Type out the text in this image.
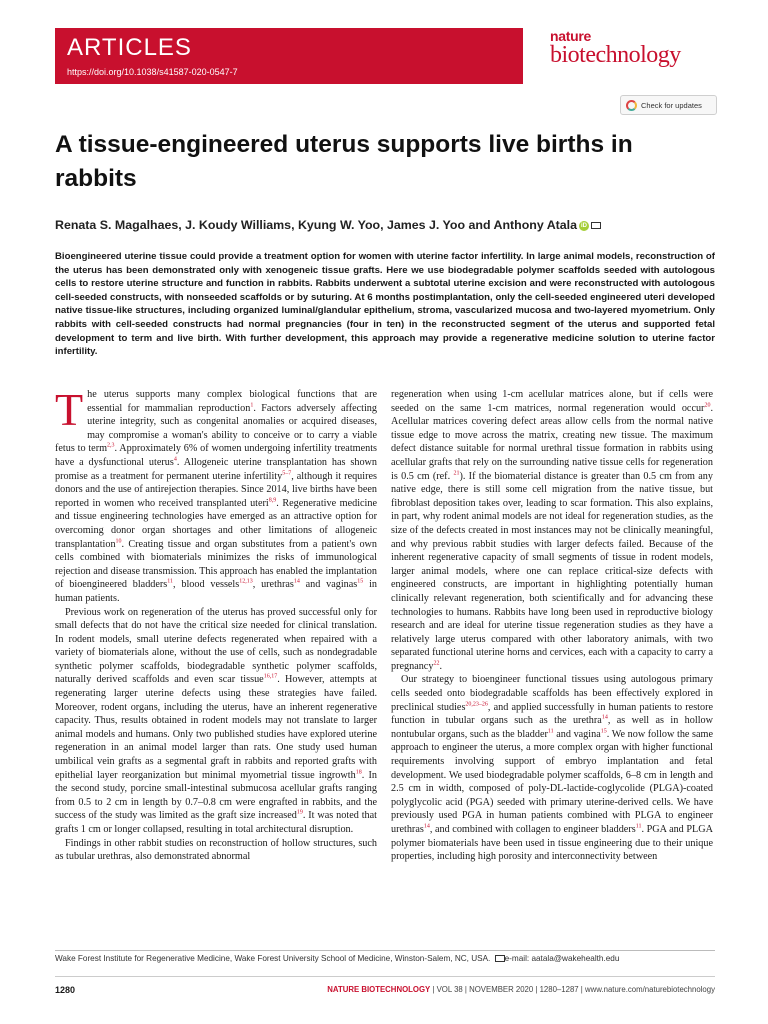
ARTICLES
https://doi.org/10.1038/s41587-020-0547-7
nature
biotechnology
Check for updates
A tissue-engineered uterus supports live births in rabbits
Renata S. Magalhaes, J. Koudy Williams, Kyung W. Yoo, James J. Yoo and Anthony Atala iD

Bioengineered uterine tissue could provide a treatment option for women with uterine factor infertility. In large animal models, reconstruction of the uterus has been demonstrated only with xenogeneic tissue grafts. Here we use biodegradable polymer scaffolds seeded with autologous cells to restore uterine structure and function in rabbits. Rabbits underwent a subtotal uterine excision and were reconstructed with autologous cell-seeded constructs, with nonseeded scaffolds or by suturing. At 6 months postimplantation, only the cell-seeded engineered uteri developed native tissue-like structures, including organized luminal/glandular epithelium, stroma, vascularized mucosa and two-layered myometrium. Only rabbits with cell-seeded constructs had normal pregnancies (four in ten) in the reconstructed segment of the uterus and supported fetal development to term and live birth. With further development, this approach may provide a regenerative medicine solution to uterine factor infertility.

The uterus supports many complex biological functions that are essential for mammalian reproduction$^1$. Factors adversely affecting uterine integrity, such as congenital anomalies or acquired diseases, may compromise a woman's ability to conceive or to carry a viable fetus to term$^{2,3}$. Approximately 6% of women undergoing infertility treatments have a dysfunctional uterus$^4$. Allogeneic uterine transplantation has shown promise as a treatment for permanent uterine infertility$^{5-7}$, although it requires donors and the use of antirejection therapies. Since 2014, live births have been reported in women who received transplanted uteri$^{8,9}$. Regenerative medicine and tissue engineering technologies have emerged as an attractive option for overcoming donor organ shortages and other limitations of allogeneic transplantation$^{10}$. Creating tissue and organ substitutes from a patient's own cells combined with biomaterials minimizes the risks of immunological rejection and disease transmission. This approach has enabled the implantation of bioengineered bladders$^{11}$, blood vessels$^{12,13}$, urethras$^{14}$ and vaginas$^{15}$ in human patients.

Previous work on regeneration of the uterus has proved successful only for small defects that do not have the critical size needed for clinical translation. In rodent models, small uterine defects regenerated when repaired with a variety of biomaterials alone, without the use of cells, such as nondegradable synthetic polymer scaffolds, biodegradable synthetic polymer scaffolds, naturally derived scaffolds and even scar tissue$^{16,17}$. However, attempts at regenerating larger uterine defects using these strategies have failed. Moreover, rodent organs, including the uterus, have an inherent regenerative capacity. Thus, results obtained in rodent models may not translate to larger animal models and humans. Only two published studies have explored uterine regeneration in an animal model larger than rats. One study used human umbilical vein grafts as a segmental graft in rabbits and reported grafts with epithelial layer reorganization but minimal myometrial tissue ingrowth$^{18}$. In the second study, porcine small-intestinal submucosa acellular grafts ranging from 0.5 to 2 cm in length by 0.7–0.8 cm were engrafted in rabbits, and the success of the study was limited as the graft size increased$^{19}$. It was noted that grafts 1 cm or longer collapsed, resulting in total architectural disruption.

Findings in other rabbit studies on reconstruction of hollow structures, such as tubular urethras, also demonstrated abnormal

regeneration when using 1-cm acellular matrices alone, but if cells were seeded on the same 1-cm matrices, normal regeneration would occur$^{20}$. Acellular matrices covering defect areas allow cells from the normal native tissue edge to move across the matrix, creating new tissue. The maximum defect distance suitable for normal urethral tissue formation in rabbits using acellular grafts that rely on the surrounding native tissue cells for regeneration is 0.5 cm (ref. $^{21}$). If the biomaterial distance is greater than 0.5 cm from any native edge, there is still some cell migration from the native tissue, but fibroblast deposition takes over, leading to scar formation. This also explains, in part, why rodent animal models are not ideal for regeneration studies, as the size of the defects created in most instances may not be clinically meaningful, and why previous rabbit studies with larger defects failed. Because of the inherent regenerative capacity of small segments of tissue in rodent models, larger animal models, where one can replace critical-size defects with engineered constructs, are important in highlighting potentially human clinically relevant regeneration, both scientifically and for advancing these technologies to humans. Rabbits have long been used in reproductive biology research and are ideal for uterine tissue regeneration studies as they have a relatively large uterus compared with other laboratory animals, with two separated functional uterine horns and cervices, each with a capacity to carry a pregnancy$^{22}$.

Our strategy to bioengineer functional tissues using autologous primary cells seeded onto biodegradable scaffolds has been effectively explored in preclinical studies$^{20,23-26}$, and applied successfully in human patients to restore function in tubular organs such as the urethra$^{14}$, as well as in hollow nontubular organs, such as the bladder$^{11}$ and vagina$^{15}$. We now follow the same approach to engineer the uterus, a more complex organ with higher functional requirements involving support of embryo implantation and fetal development. We used biodegradable polymer scaffolds, 6–8 cm in length and 2.5 cm in width, composed of poly-DL-lactide-coglycolide (PLGA)-coated polyglycolic acid (PGA) seeded with primary uterine-derived cells. We have previously used PGA in human patients combined with PLGA to engineer urethras$^{14}$, and combined with collagen to engineer bladders$^{11}$. PGA and PLGA polymer biomaterials have been used in tissue engineering due to their unique properties, including high porosity and interconnectivity between

Wake Forest Institute for Regenerative Medicine, Wake Forest University School of Medicine, Winston-Salem, NC, USA. e-mail: aatala@wakehealth.edu
1280	NATURE BIOTECHNOLOGY | VOL 38 | NOVEMBER 2020 | 1280–1287 | www.nature.com/naturebiotechnology
